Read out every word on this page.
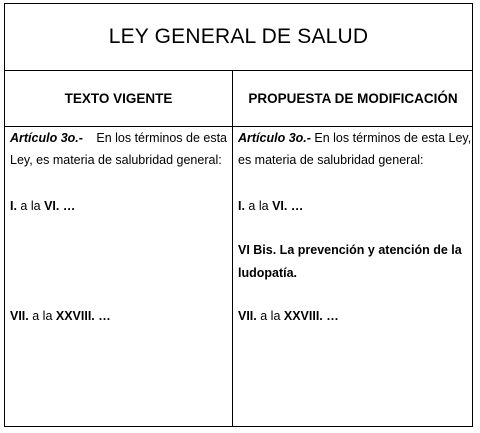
LEY GENERAL DE SALUD
TEXTO VIGENTE	PROPUESTA DE MODIFICACIÓN
Artículo 3o.- En los términos de esta
Ley, es materia de salubridad general:
I. a la VI. …
VII. a la XXVIII. …
Artículo 3o.- En los términos de esta Ley,
es materia de salubridad general:
I. a la VI. …
VI Bis. La prevención y atención de la
ludopatía.
VII. a la XXVIII. …
